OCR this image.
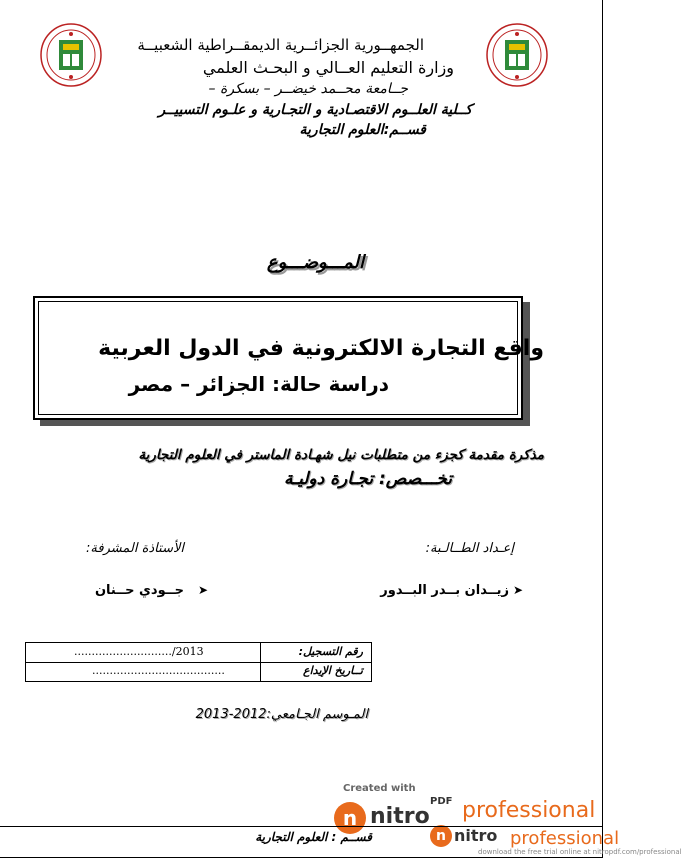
الجمهــورية الجزائــرية الديمقــراطية الشعبيــة
وزارة التعليم العــالي و البحـث العلمي
جــامعة محــمد خيضــر – بسكرة –
كــلية العلــوم الاقتصـادية و التجـارية و علـوم التسييــر
قســم:العلوم التجارية
المـــوضـــوع
واقع التجارة الالكترونية في الدول العربية
دراسة حالة: الجزائر – مصر
مذكرة مقدمة كجزء من متطلبات نيل شهـادة الماستر في العلوم التجارية
تخـــصص: تجـارة دوليـة
إعـداد الطــالـبة:
الأستاذة المشرفة:
➤
زيــدان بــدر البــدور
➤
جــودي حــنان
رقم التسجيل:
............................/2013
تــاريخ الإيداع
......................................
المـوسم الجـامعي:2012-2013
Created with
n nitro
PDF professional
n nitro professional
download the free trial online at nitropdf.com/professional
قســم : العلوم التجارية
